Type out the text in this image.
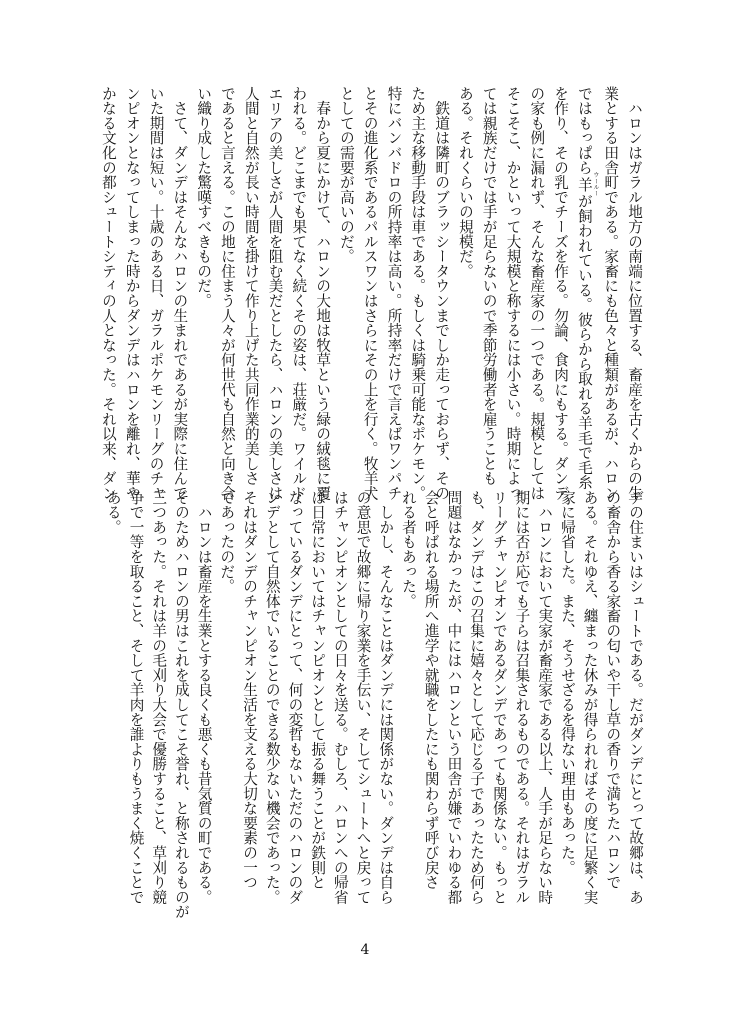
　ハロンはガラル地方の南端に位置する、畜産を古くからの生
業とする田舎町である。家畜にも色々と種類があるが、ハロン
ではもっぱら羊 ウールーが飼われている。彼らから取れる羊毛で毛糸
を作り、その乳でチーズを作る。勿論、食肉にもする。ダンデ
の家も例に漏れず、そんな畜産家の一つである。規模としては
そこそこ、かといって大規模と称するには小さい。時期によっ
ては親族だけでは手が足らないので季節労働者を雇うことも
ある。それくらいの規模だ。
　鉄道は隣町のブラッシータウンまでしか走っておらず、その
ため主な移動手段は車である。もしくは騎乗可能なポケモン。
特にバンバドロの所持率は高い。所持率だけで言えばワンパチ
とその進化系であるパルスワンはさらにその上を行く。牧羊犬
としての需要が高いのだ。
　春から夏にかけて、ハロンの大地は牧草という緑の絨毯に覆
われる。どこまでも果てなく続くその姿は、荘厳だ。ワイルド
エリアの美しさが人間を阻む美だとしたら、ハロンの美しさは
人間と自然が長い時間を掛けて作り上げた共同作業的美しさ
であると言える。この地に住まう人々が何世代も自然と向き合
い織り成した驚嘆すべきものだ。
　さて、ダンデはそんなハロンの生まれであるが実際に住んで
いた期間は短い。十歳のある日、ガラルポケモンリーグのチャ
ンピオンとなってしまった時からダンデはハロンを離れ、華や
かなる文化の都シュートシティの人となった。それ以来、ダン
デの住まいはシュートである。だがダンデにとって故郷は、あ
の畜舎から香る家畜の匂いや干し草の香りで満ちたハロンで
ある。それゆえ、纏まった休みが得られればその度に足繁く実
家に帰省した。また、そうせざるを得ない理由もあった。
　ハロンにおいて実家が畜産家である以上、人手が足らない時
期には否が応でも子らは召集されるものである。それはガラル
リーグチャンピオンであるダンデであっても関係ない。もっと
も、ダンデはこの召集に嬉々として応じる子であったため何ら
問題はなかったが、中にはハロンという田舎が嫌でいわゆる都
会と呼ばれる場所へ進学や就職をしたにも関わらず呼び戻さ
れる者もあった。
　しかし、そんなことはダンデには関係がない。ダンデは自ら
の意思で故郷に帰り家業を手伝い、そしてシュートへと戻って
はチャンピオンとしての日々を送る。むしろ、ハロンへの帰省
は日常においてはチャンピオンとして振る舞うことが鉄則と
なっているダンデにとって、何の変哲もないただのハロンのダ
ンデとして自然体でいることのできる数少ない機会であった。
それはダンデのチャンピオン生活を支える大切な要素の一つ
であったのだ。
　ハロンは畜産を生業とする良くも悪くも昔気質の町である。
そのためハロンの男はこれを成してこそ誉れ、と称されるものが
三つあった。それは羊の毛刈り大会で優勝すること、草刈り競
争で一等を取ること、そして羊肉を誰よりもうまく焼くことで
ある。
4
